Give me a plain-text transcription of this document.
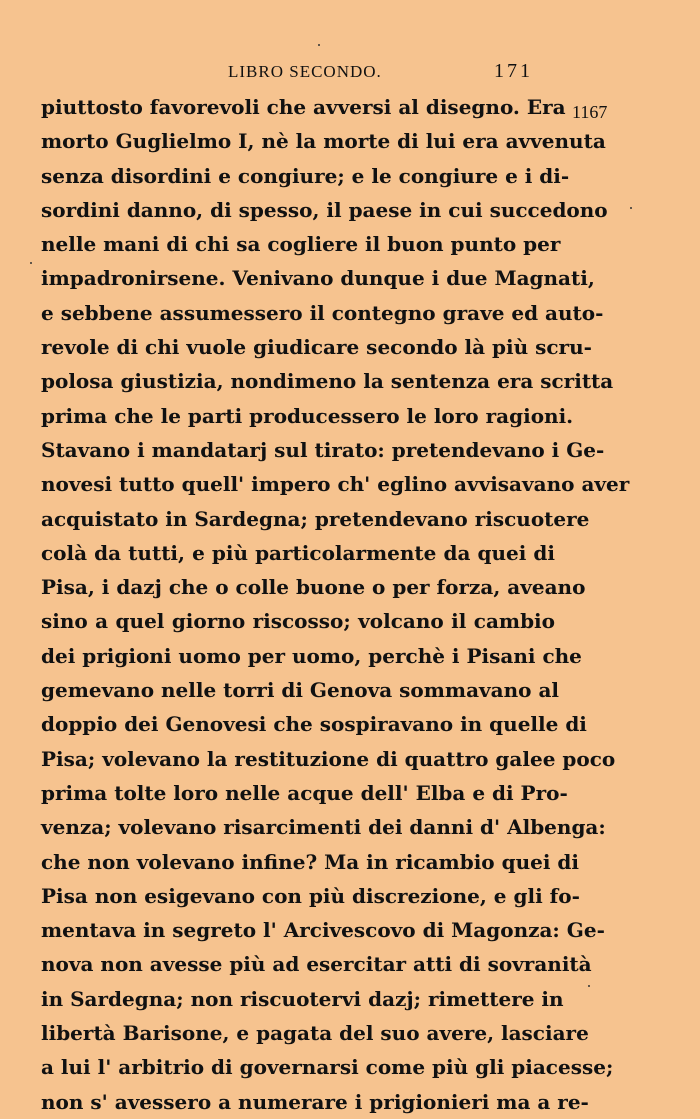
LIBRO SECONDO.	171
1167
piuttosto favorevoli che avversi al disegno. Era
morto Guglielmo I, nè la morte di lui era avvenuta
senza disordini e congiure; e le congiure e i di-
sordini danno, di spesso, il paese in cui succedono
nelle mani di chi sa cogliere il buon punto per
impadronirsene. Venivano dunque i due Magnati,
e sebbene assumessero il contegno grave ed auto-
revole di chi vuole giudicare secondo là più scru-
polosa giustizia, nondimeno la sentenza era scritta
prima che le parti producessero le loro ragioni.
Stavano i mandatarj sul tirato: pretendevano i Ge-
novesi tutto quell' impero ch' eglino avvisavano aver
acquistato in Sardegna; pretendevano riscuotere
colà da tutti, e più particolarmente da quei di
Pisa, i dazj che o colle buone o per forza, aveano
sino a quel giorno riscosso; volcano il cambio
dei prigioni uomo per uomo, perchè i Pisani che
gemevano nelle torri di Genova sommavano al
doppio dei Genovesi che sospiravano in quelle di
Pisa; volevano la restituzione di quattro galee poco
prima tolte loro nelle acque dell' Elba e di Pro-
venza; volevano risarcimenti dei danni d' Albenga:
che non volevano infine? Ma in ricambio quei di
Pisa non esigevano con più discrezione, e gli fo-
mentava in segreto l' Arcivescovo di Magonza: Ge-
nova non avesse più ad esercitar atti di sovranità
in Sardegna; non riscuotervi dazj; rimettere in
libertà Barisone, e pagata del suo avere, lasciare
a lui l' arbitrio di governarsi come più gli piacesse;
non s' avessero a numerare i prigionieri ma a re-
